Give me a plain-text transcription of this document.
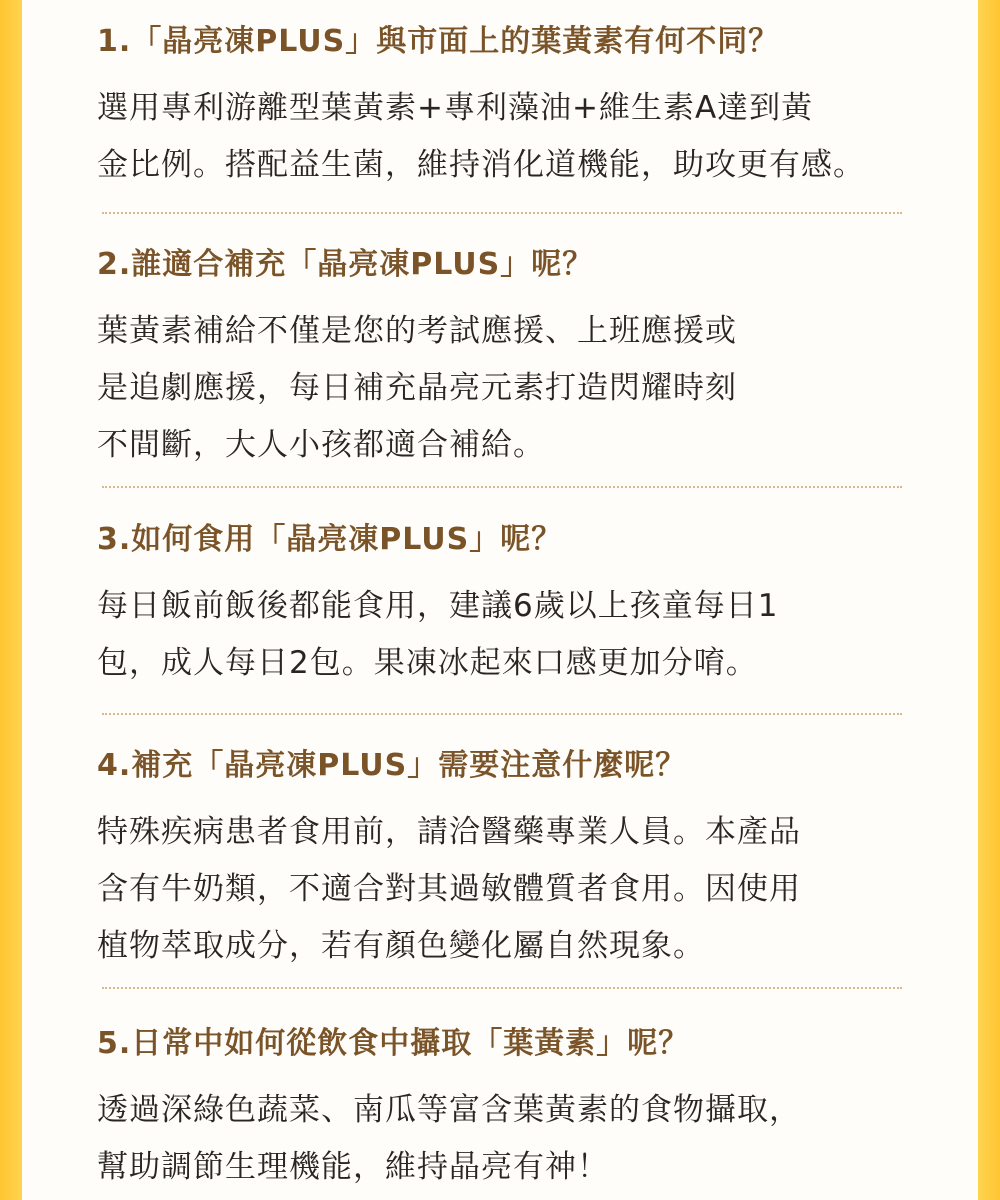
1.「晶亮凍PLUS」與市面上的葉黃素有何不同？

選用專利游離型葉黃素+專利藻油+維生素A達到黃
金比例。搭配益生菌，維持消化道機能，助攻更有感。

2.誰適合補充「晶亮凍PLUS」呢？

葉黃素補給不僅是您的考試應援、上班應援或
是追劇應援，每日補充晶亮元素打造閃耀時刻
不間斷，大人小孩都適合補給。

3.如何食用「晶亮凍PLUS」呢？

每日飯前飯後都能食用，建議6歲以上孩童每日1
包，成人每日2包。果凍冰起來口感更加分唷。

4.補充「晶亮凍PLUS」需要注意什麼呢？

特殊疾病患者食用前，請洽醫藥專業人員。本產品
含有牛奶類，不適合對其過敏體質者食用。因使用
植物萃取成分，若有顏色變化屬自然現象。

5.日常中如何從飲食中攝取「葉黃素」呢？

透過深綠色蔬菜、南瓜等富含葉黃素的食物攝取，
幫助調節生理機能，維持晶亮有神！
